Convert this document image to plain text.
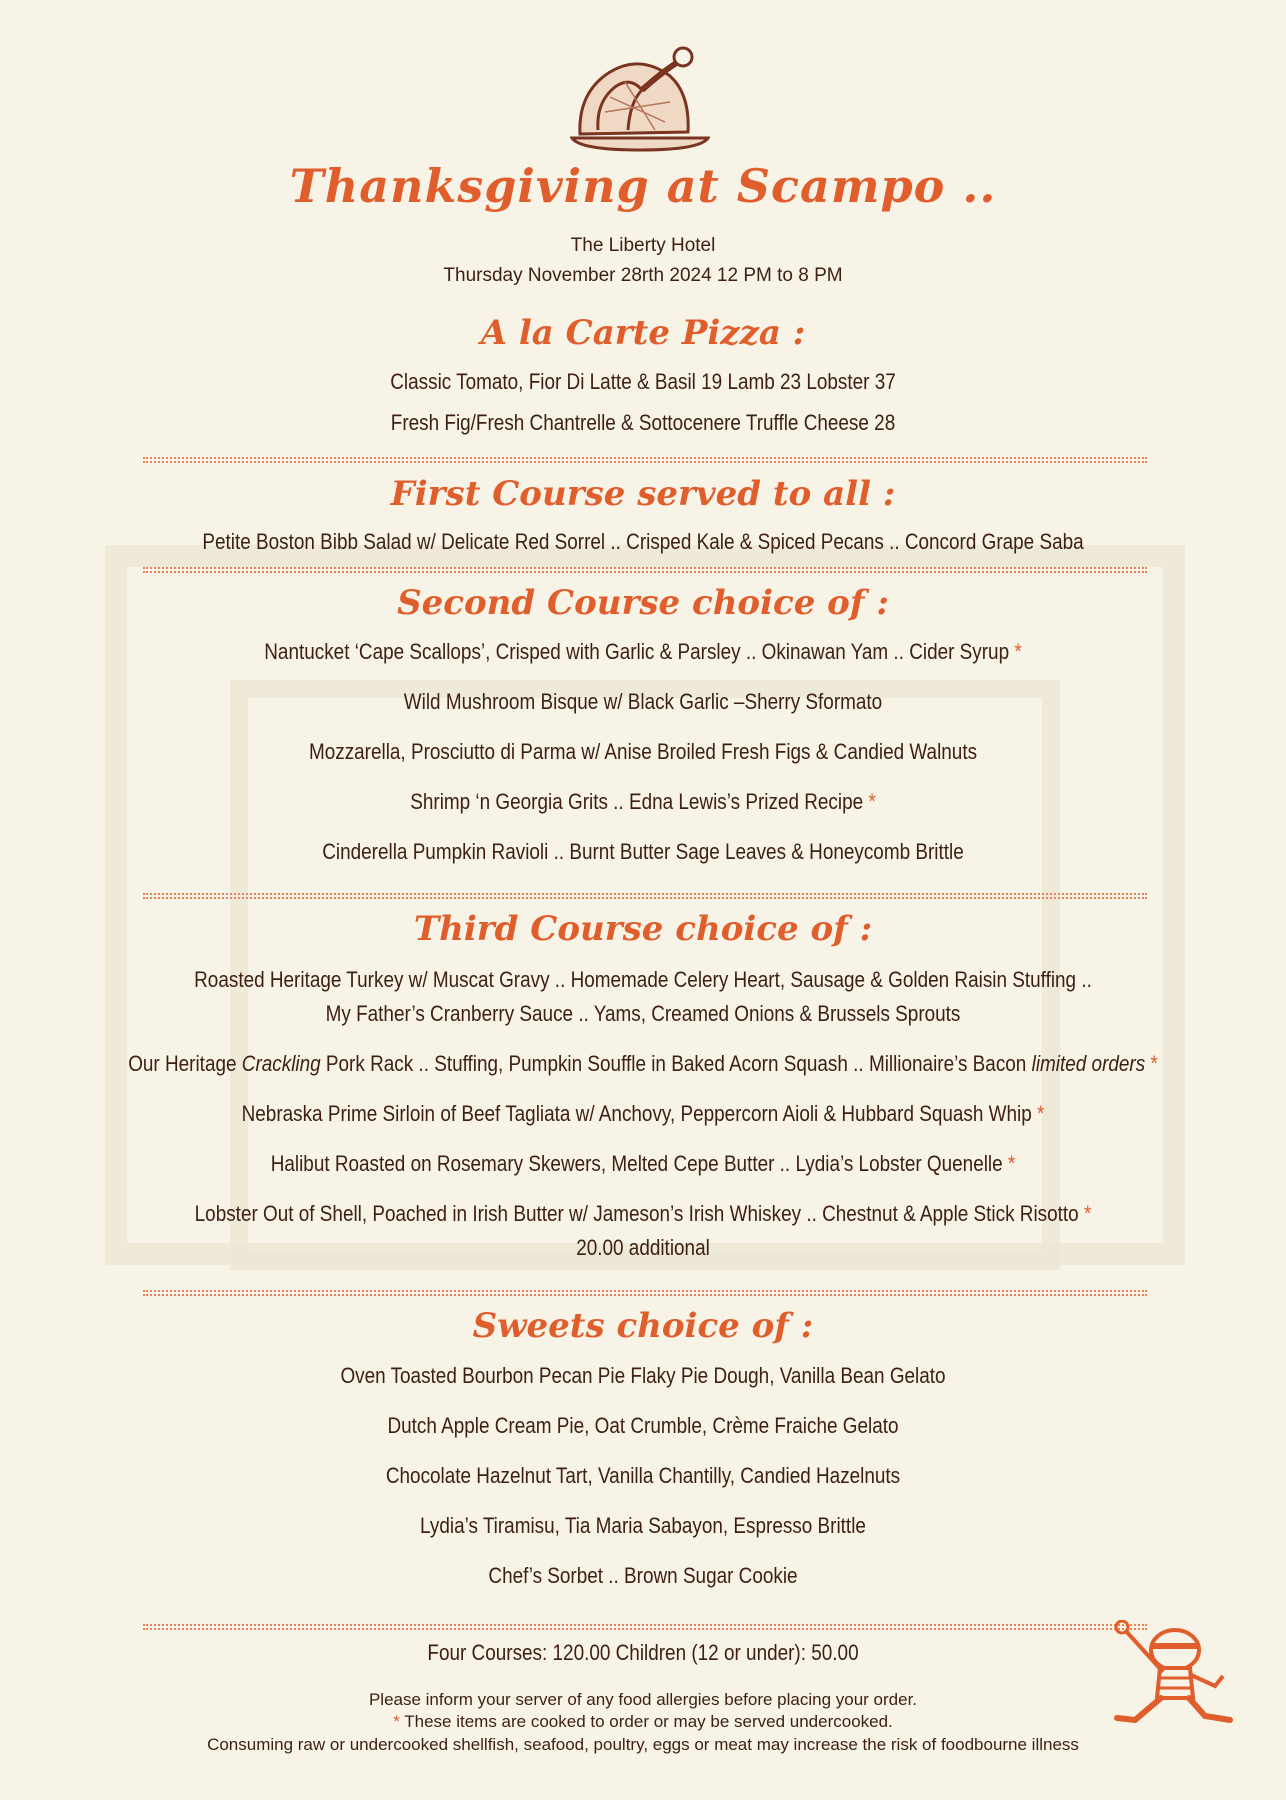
Thanksgiving at Scampo ..
The Liberty Hotel
Thursday November 28rth 2024 12 PM to 8 PM
A la Carte Pizza :
Classic Tomato, Fior Di Latte & Basil 19 Lamb 23 Lobster 37
Fresh Fig/Fresh Chantrelle & Sottocenere Truffle Cheese 28
First Course served to all :
Petite Boston Bibb Salad w/ Delicate Red Sorrel .. Crisped Kale & Spiced Pecans .. Concord Grape Saba
Second Course choice of :
Nantucket ‘Cape Scallops’, Crisped with Garlic & Parsley .. Okinawan Yam .. Cider Syrup *
Wild Mushroom Bisque w/ Black Garlic –Sherry Sformato
Mozzarella, Prosciutto di Parma w/ Anise Broiled Fresh Figs & Candied Walnuts
Shrimp ‘n Georgia Grits .. Edna Lewis’s Prized Recipe *
Cinderella Pumpkin Ravioli .. Burnt Butter Sage Leaves & Honeycomb Brittle
Third Course choice of :
Roasted Heritage Turkey w/ Muscat Gravy .. Homemade Celery Heart, Sausage & Golden Raisin Stuffing ..
My Father’s Cranberry Sauce .. Yams, Creamed Onions & Brussels Sprouts
Our Heritage Crackling Pork Rack .. Stuffing, Pumpkin Souffle in Baked Acorn Squash .. Millionaire’s Bacon limited orders *
Nebraska Prime Sirloin of Beef Tagliata w/ Anchovy, Peppercorn Aioli & Hubbard Squash Whip *
Halibut Roasted on Rosemary Skewers, Melted Cepe Butter .. Lydia’s Lobster Quenelle *
Lobster Out of Shell, Poached in Irish Butter w/ Jameson’s Irish Whiskey .. Chestnut & Apple Stick Risotto *
20.00 additional
Sweets choice of :
Oven Toasted Bourbon Pecan Pie Flaky Pie Dough, Vanilla Bean Gelato
Dutch Apple Cream Pie, Oat Crumble, Crème Fraiche Gelato
Chocolate Hazelnut Tart, Vanilla Chantilly, Candied Hazelnuts
Lydia’s Tiramisu, Tia Maria Sabayon, Espresso Brittle
Chef’s Sorbet .. Brown Sugar Cookie
Four Courses: 120.00 Children (12 or under): 50.00
Please inform your server of any food allergies before placing your order.
* These items are cooked to order or may be served undercooked.
Consuming raw or undercooked shellfish, seafood, poultry, eggs or meat may increase the risk of foodbourne illness
